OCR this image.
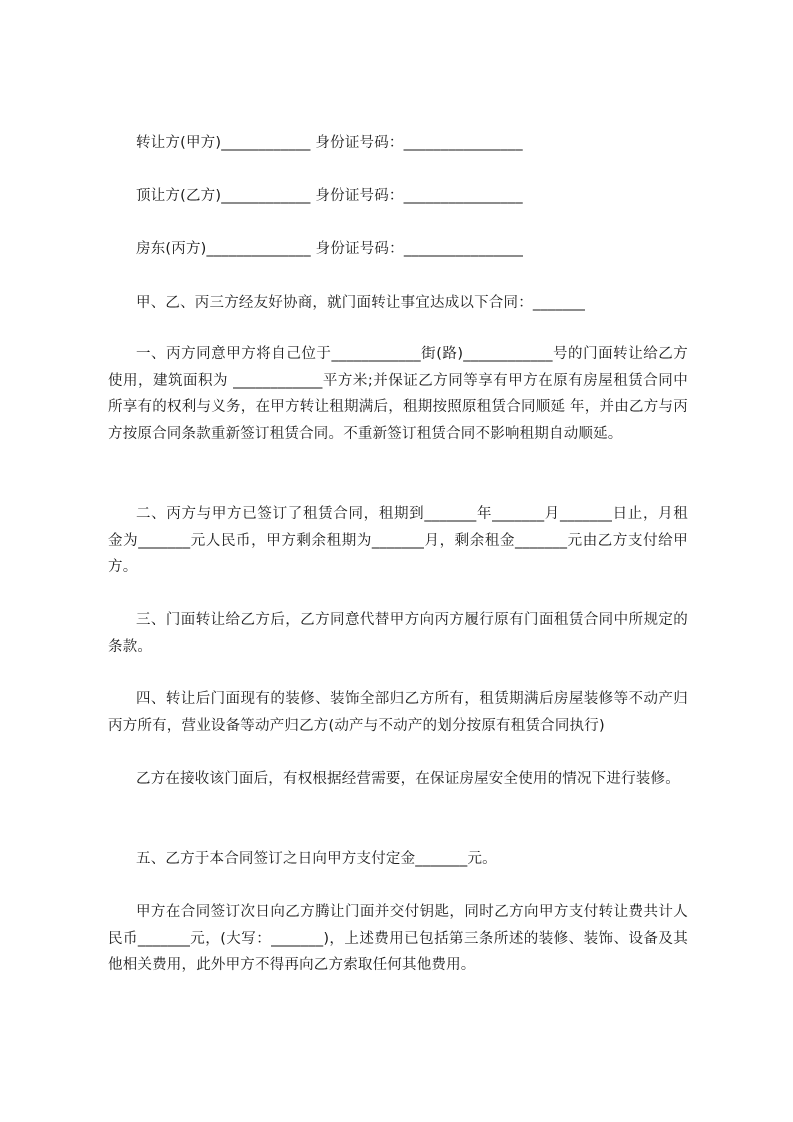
转让方(甲方)____________ 身份证号码：________________
顶让方(乙方)____________ 身份证号码：________________
房东(丙方)______________ 身份证号码：________________
甲、乙、丙三方经友好协商，就门面转让事宜达成以下合同：_______
一、丙方同意甲方将自己位于____________街(路)____________号的门面转让给乙方使用，建筑面积为 ____________平方米;并保证乙方同等享有甲方在原有房屋租赁合同中所享有的权利与义务，在甲方转让租期满后，租期按照原租赁合同顺延 年，并由乙方与丙方按原合同条款重新签订租赁合同。不重新签订租赁合同不影响租期自动顺延。
二、丙方与甲方已签订了租赁合同，租期到_______年_______月_______日止，月租金为_______元人民币，甲方剩余租期为_______月，剩余租金_______元由乙方支付给甲方。
三、门面转让给乙方后，乙方同意代替甲方向丙方履行原有门面租赁合同中所规定的条款。
四、转让后门面现有的装修、装饰全部归乙方所有，租赁期满后房屋装修等不动产归丙方所有，营业设备等动产归乙方(动产与不动产的划分按原有租赁合同执行)
乙方在接收该门面后，有权根据经营需要，在保证房屋安全使用的情况下进行装修。
五、乙方于本合同签订之日向甲方支付定金_______元。
甲方在合同签订次日向乙方腾让门面并交付钥匙，同时乙方向甲方支付转让费共计人民币_______元，(大写：_______)，上述费用已包括第三条所述的装修、装饰、设备及其他相关费用，此外甲方不得再向乙方索取任何其他费用。
